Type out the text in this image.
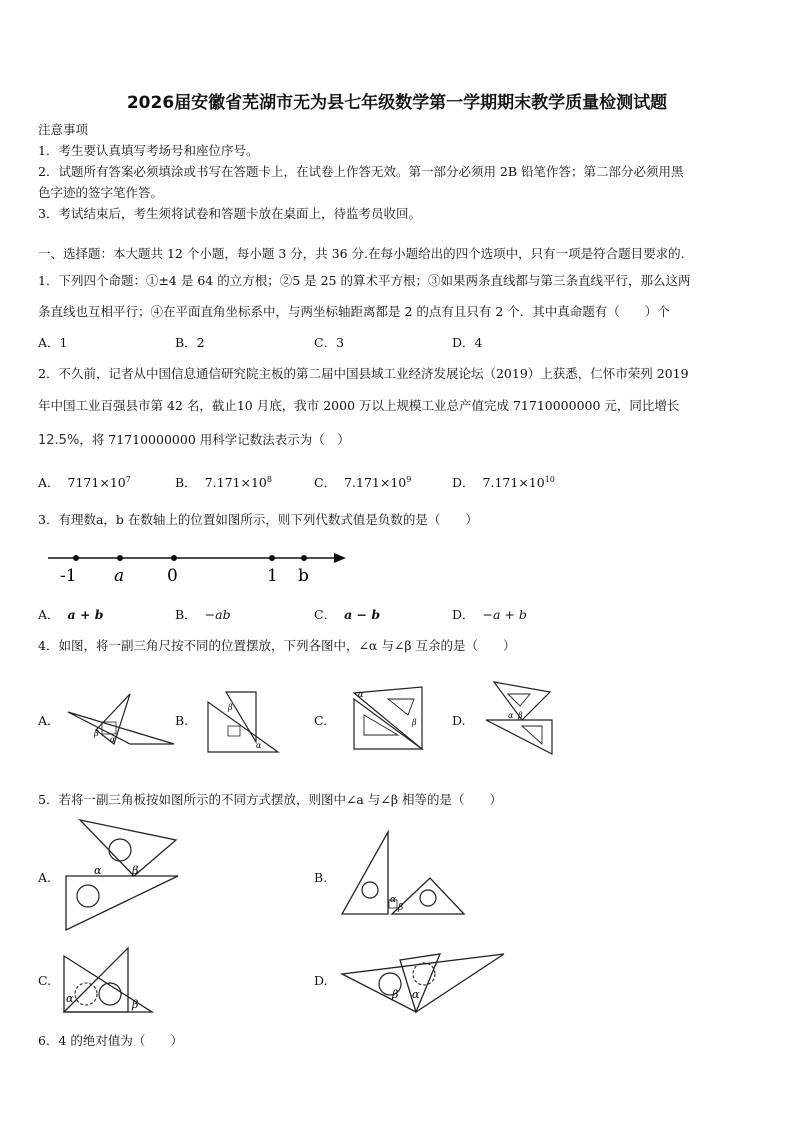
2026届安徽省芜湖市无为县七年级数学第一学期期末教学质量检测试题
注意事项
1．考生要认真填写考场号和座位序号。
2．试题所有答案必须填涂或书写在答题卡上，在试卷上作答无效。第一部分必须用 2B 铅笔作答；第二部分必须用黑
色字迹的签字笔作答。
3．考试结束后，考生须将试卷和答题卡放在桌面上，待监考员收回。
一、选择题：本大题共 12 个小题，每小题 3 分，共 36 分.在每小题给出的四个选项中，只有一项是符合题目要求的.
1．下列四个命题：①±4 是 64 的立方根；②5 是 25 的算术平方根；③如果两条直线都与第三条直线平行，那么这两
条直线也互相平行；④在平面直角坐标系中，与两坐标轴距离都是 2 的点有且只有 2 个．其中真命题有（　　）个
A．1	B．2	C．3	D．4
2．不久前，记者从中国信息通信研究院主板的第二届中国县域工业经济发展论坛（2019）上获悉，仁怀市荣列 2019
年中国工业百强县市第 42 名，截止10 月底，我市 2000 万以上规模工业总产值完成 71710000000 元，同比增长
12.5%，将 71710000000 用科学记数法表示为（　）
A． $7171\times 10^7$	B． $7.171\times 10^8$	C． $7.171\times 10^9$	D． $7.171\times 10^{10}$
3．有理数a，b 在数轴上的位置如图所示，则下列代数式值是负数的是（　　）
-1 a	0	1 b
A． a + b	B． −ab	C． a − b	D． −a + b
4．如图，将一副三角尺按不同的位置摆放，下列各图中，∠α 与∠β 互余的是（　　）
A.
β
α
B.
β
α
C.
α
β	D.	α β
5．若将一副三角板按如图所示的不同方式摆放，则图中∠a 与∠β 相等的是（　　）
A.	α	β	B.
α
β
C.
α	β
D.
β α
6．4 的绝对值为（　　）
